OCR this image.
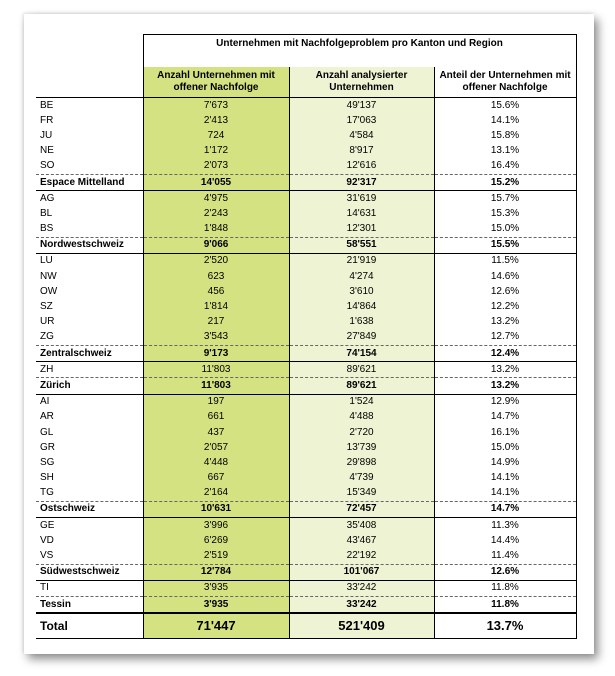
	Unternehmen mit Nachfolgeproblem pro Kanton und Region		
	Anzahl Unternehmen mit offener Nachfolge	Anzahl analysierter Unternehmen	Anteil der Unternehmen mit offener Nachfolge
BE	7'673	49'137	15.6%
FR	2'413	17'063	14.1%
JU	724	4'584	15.8%
NE	1'172	8'917	13.1%
SO	2'073	12'616	16.4%
Espace Mittelland	14'055	92'317	15.2%
AG	4'975	31'619	15.7%
BL	2'243	14'631	15.3%
BS	1'848	12'301	15.0%
Nordwestschweiz	9'066	58'551	15.5%
LU	2'520	21'919	11.5%
NW	623	4'274	14.6%
OW	456	3'610	12.6%
SZ	1'814	14'864	12.2%
UR	217	1'638	13.2%
ZG	3'543	27'849	12.7%
Zentralschweiz	9'173	74'154	12.4%
ZH	11'803	89'621	13.2%
Zürich	11'803	89'621	13.2%
AI	197	1'524	12.9%
AR	661	4'488	14.7%
GL	437	2'720	16.1%
GR	2'057	13'739	15.0%
SG	4'448	29'898	14.9%
SH	667	4'739	14.1%
TG	2'164	15'349	14.1%
Ostschweiz	10'631	72'457	14.7%
GE	3'996	35'408	11.3%
VD	6'269	43'467	14.4%
VS	2'519	22'192	11.4%
Südwestschweiz	12'784	101'067	12.6%
TI	3'935	33'242	11.8%
Tessin	3'935	33'242	11.8%
Total	71'447	521'409	13.7%
